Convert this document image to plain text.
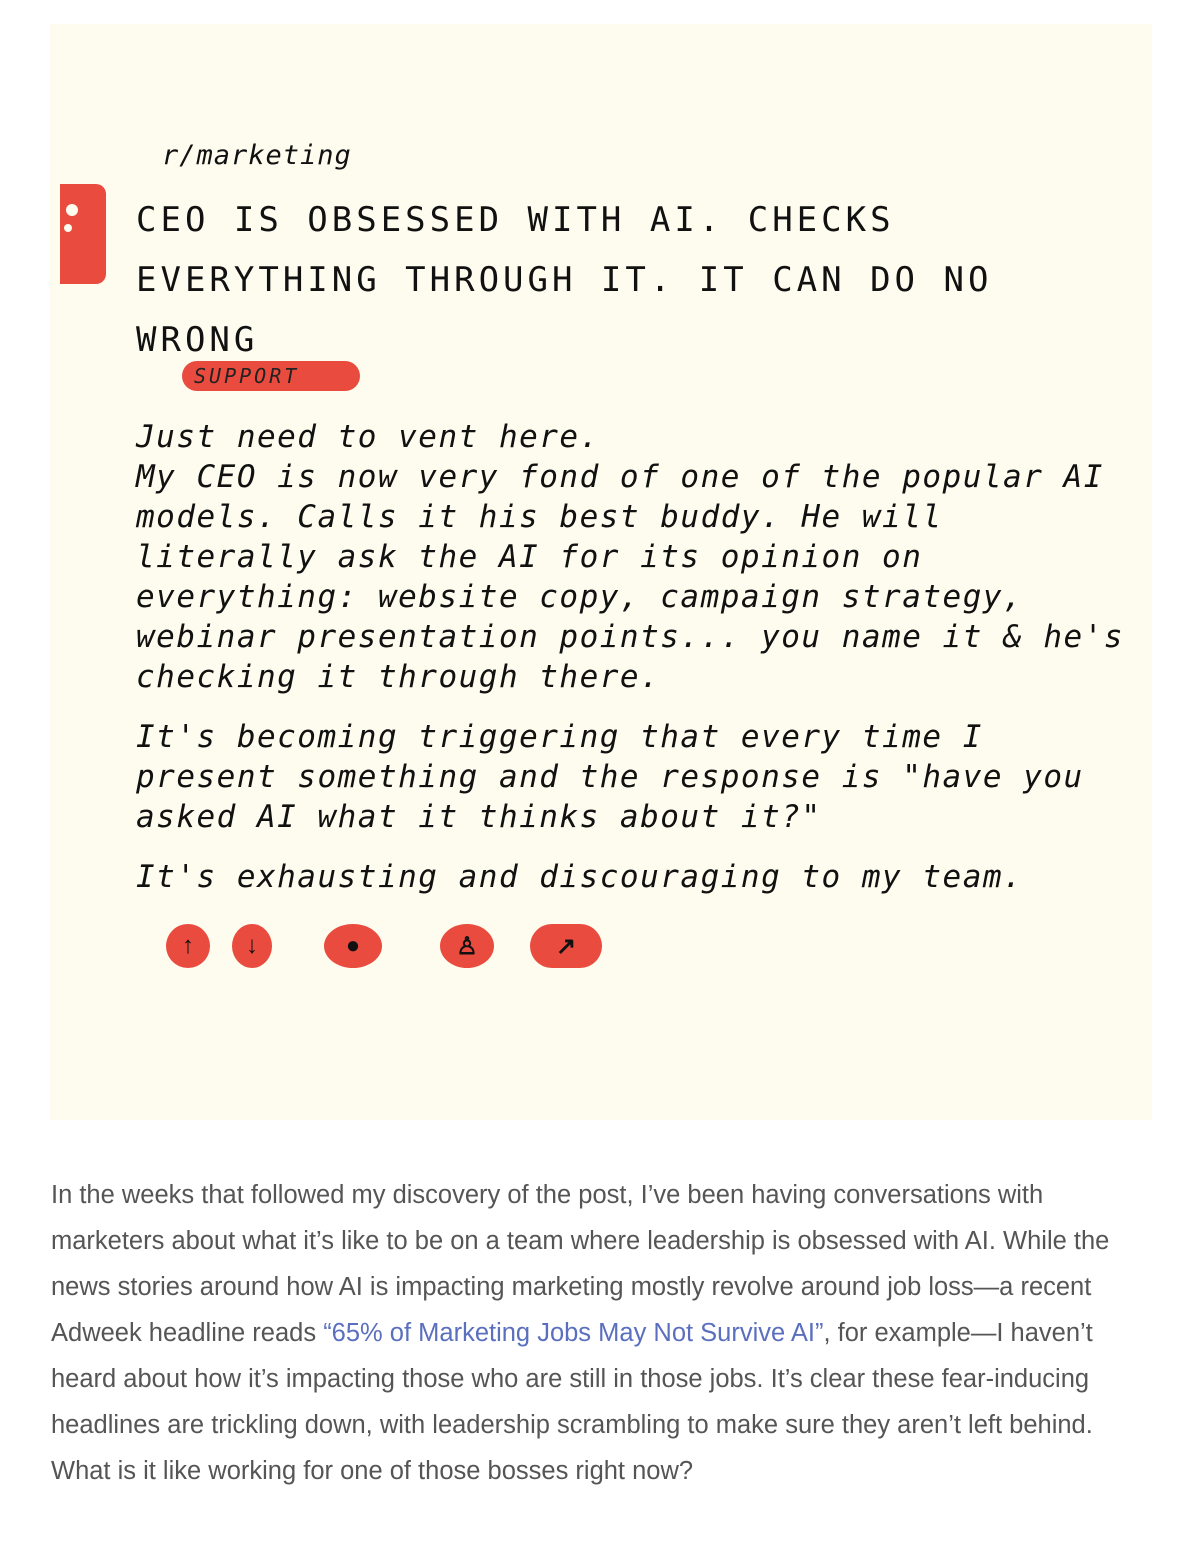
r/marketing
CEO IS OBSESSED WITH AI. CHECKS EVERYTHING THROUGH IT. IT CAN DO NO WRONG
SUPPORT

Just need to vent here.

My CEO is now very fond of one of the popular AI models. Calls it his best buddy. He will literally ask the AI for its opinion on everything: website copy, campaign strategy, webinar presentation points... you name it & he's checking it through there.

It's becoming triggering that every time I present something and the response is "have you asked AI what it thinks about it?"

It's exhausting and discouraging to my team.

↑	↓	●	♙	↗

In the weeks that followed my discovery of the post, I’ve been having conversations with marketers about what it’s like to be on a team where leadership is obsessed with AI. While the news stories around how AI is impacting marketing mostly revolve around job loss—a recent Adweek headline reads “65% of Marketing Jobs May Not Survive AI”, for example—I haven’t heard about how it’s impacting those who are still in those jobs. It’s clear these fear-inducing headlines are trickling down, with leadership scrambling to make sure they aren’t left behind. What is it like working for one of those bosses right now?
